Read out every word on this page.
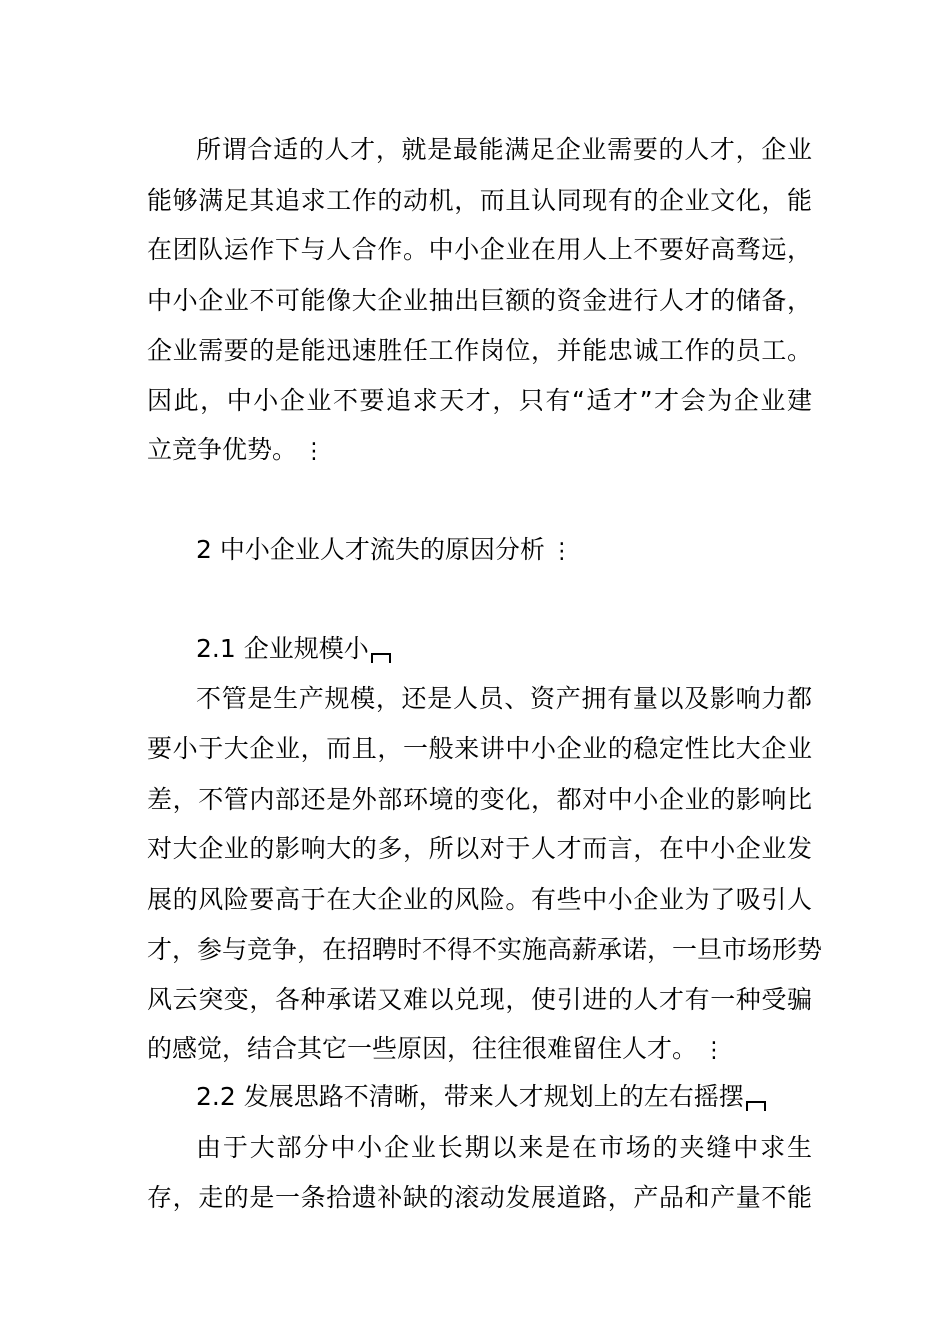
所谓合适的人才，就是最能满足企业需要的人才，企业
能够满足其追求工作的动机，而且认同现有的企业文化，能
在团队运作下与人合作。中小企业在用人上不要好高骛远，
中小企业不可能像大企业抽出巨额的资金进行人才的储备，
企业需要的是能迅速胜任工作岗位，并能忠诚工作的员工。
因此，中小企业不要追求天才，只有“适才”才会为企业建
立竞争优势。 ⋮
2 中小企业人才流失的原因分析 ⋮
2.1 企业规模小
不管是生产规模，还是人员、资产拥有量以及影响力都
要小于大企业，而且，一般来讲中小企业的稳定性比大企业
差，不管内部还是外部环境的变化，都对中小企业的影响比
对大企业的影响大的多，所以对于人才而言，在中小企业发
展的风险要高于在大企业的风险。有些中小企业为了吸引人
才，参与竞争，在招聘时不得不实施高薪承诺，一旦市场形势
风云突变，各种承诺又难以兑现，使引进的人才有一种受骗
的感觉，结合其它一些原因，往往很难留住人才。 ⋮
2.2 发展思路不清晰，带来人才规划上的左右摇摆
由于大部分中小企业长期以来是在市场的夹缝中求生
存，走的是一条拾遗补缺的滚动发展道路，产品和产量不能
